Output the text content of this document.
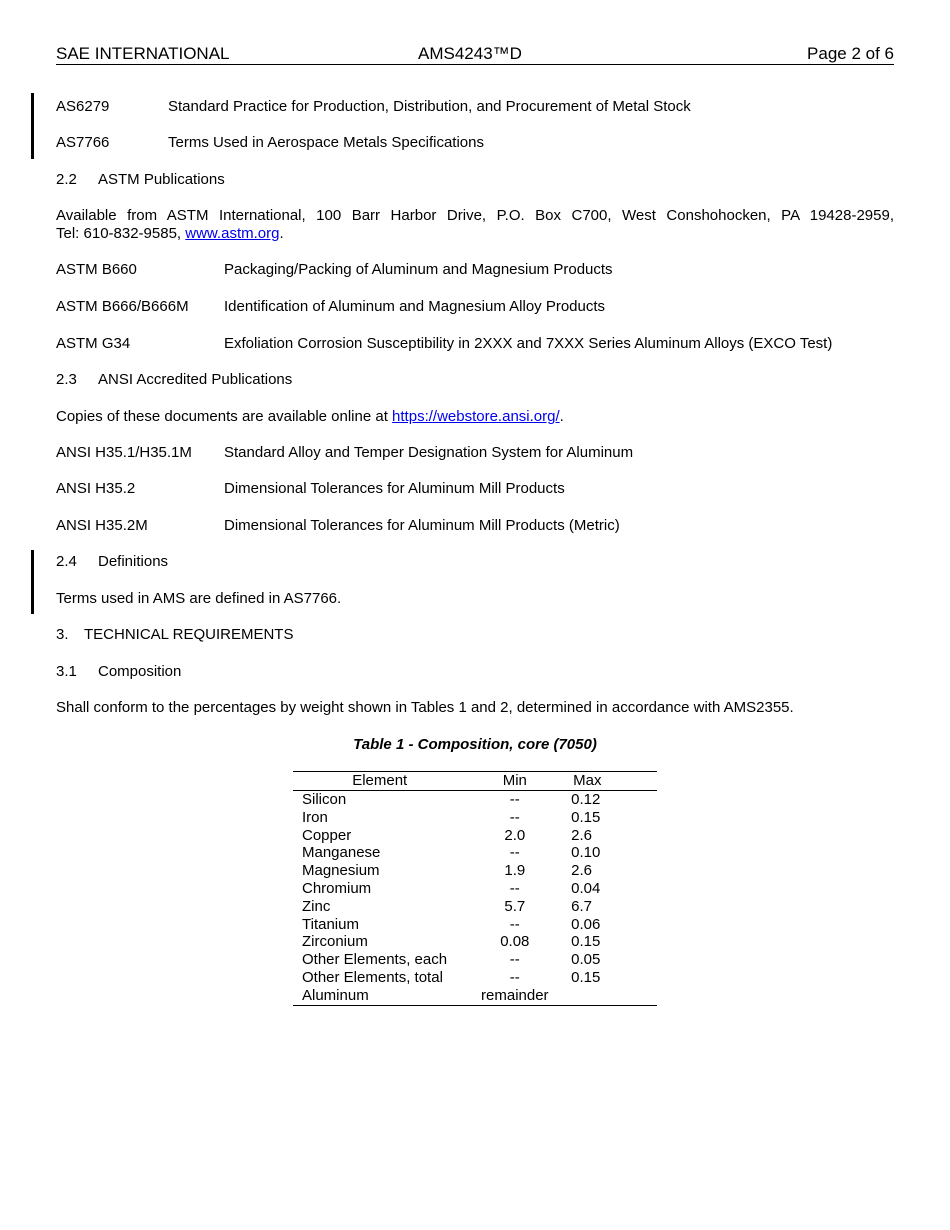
SAE INTERNATIONAL	AMS4243™D	Page 2 of 6
AS6279	Standard Practice for Production, Distribution, and Procurement of Metal Stock
AS7766	Terms Used in Aerospace Metals Specifications
2.2 ASTM Publications
Available from ASTM International, 100 Barr Harbor Drive, P.O. Box C700, West Conshohocken, PA 19428-2959,
Tel: 610-832-9585, www.astm.org.
ASTM B660	Packaging/Packing of Aluminum and Magnesium Products
ASTM B666/B666M Identification of Aluminum and Magnesium Alloy Products
ASTM G34	Exfoliation Corrosion Susceptibility in 2XXX and 7XXX Series Aluminum Alloys (EXCO Test)
2.3 ANSI Accredited Publications
Copies of these documents are available online at https://webstore.ansi.org/.
ANSI H35.1/H35.1M Standard Alloy and Temper Designation System for Aluminum
ANSI H35.2	Dimensional Tolerances for Aluminum Mill Products
ANSI H35.2M	Dimensional Tolerances for Aluminum Mill Products (Metric)
2.4 Definitions
Terms used in AMS are defined in AS7766.
3. TECHNICAL REQUIREMENTS
3.1 Composition
Shall conform to the percentages by weight shown in Tables 1 and 2, determined in accordance with AMS2355.
Table 1 - Composition, core (7050)
Element	Min	Max
Silicon	--	0.12
Iron	--	0.15
Copper	2.0	2.6
Manganese	--	0.10
Magnesium	1.9	2.6
Chromium	--	0.04
Zinc	5.7	6.7
Titanium	--	0.06
Zirconium	0.08	0.15
Other Elements, each	--	0.05
Other Elements, total	--	0.15
Aluminum	remainder	
